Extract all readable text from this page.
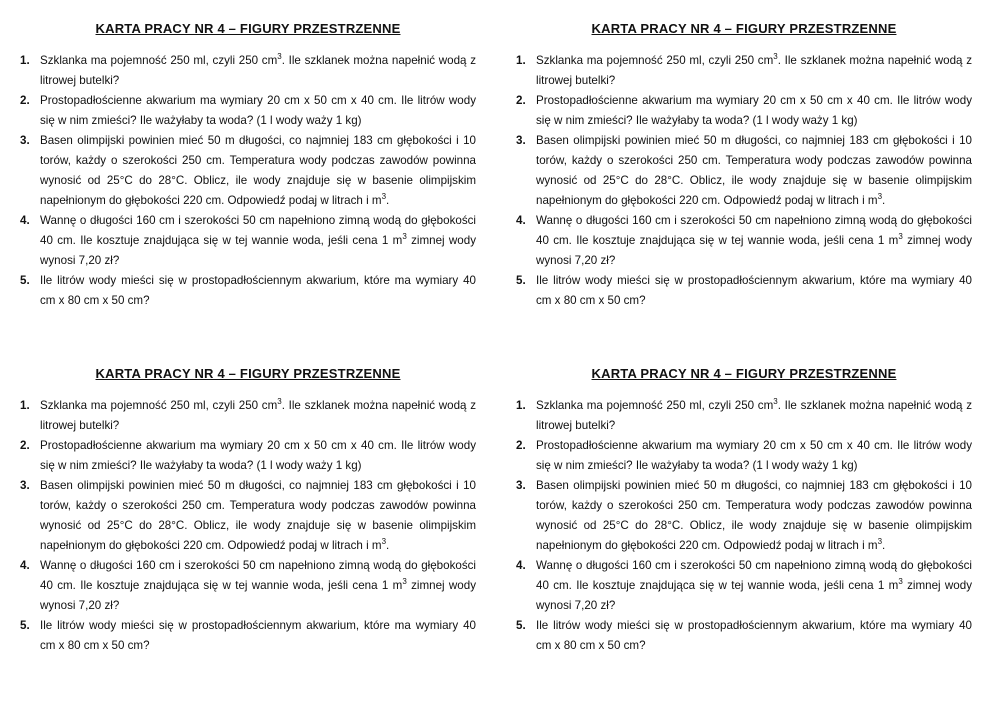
KARTA PRACY NR 4 – FIGURY PRZESTRZENNE
1. Szklanka ma pojemność 250 ml, czyli 250 $cm^3$. Ile szklanek można napełnić wodą z litrowej butelki?
2. Prostopadłościenne akwarium ma wymiary 20 cm x 50 cm x 40 cm. Ile litrów wody się w nim zmieści? Ile ważyłaby ta woda? (1 l wody waży 1 kg)
3. Basen olimpijski powinien mieć 50 m długości, co najmniej 183 cm głębokości i 10 torów, każdy o szerokości 250 cm. Temperatura wody podczas zawodów powinna wynosić od 25°C do 28°C. Oblicz, ile wody znajduje się w basenie olimpijskim napełnionym do głębokości 220 cm. Odpowiedź podaj w litrach i $m^3$.
4. Wannę o długości 160 cm i szerokości 50 cm napełniono zimną wodą do głębokości 40 cm. Ile kosztuje znajdująca się w tej wannie woda, jeśli cena 1 $m^3$ zimnej wody wynosi 7,20 zł?
5. Ile litrów wody mieści się w prostopadłościennym akwarium, które ma wymiary 40 cm x 80 cm x 50 cm?
KARTA PRACY NR 4 – FIGURY PRZESTRZENNE
1. Szklanka ma pojemność 250 ml, czyli 250 $cm^3$. Ile szklanek można napełnić wodą z litrowej butelki?
2. Prostopadłościenne akwarium ma wymiary 20 cm x 50 cm x 40 cm. Ile litrów wody się w nim zmieści? Ile ważyłaby ta woda? (1 l wody waży 1 kg)
3. Basen olimpijski powinien mieć 50 m długości, co najmniej 183 cm głębokości i 10 torów, każdy o szerokości 250 cm. Temperatura wody podczas zawodów powinna wynosić od 25°C do 28°C. Oblicz, ile wody znajduje się w basenie olimpijskim napełnionym do głębokości 220 cm. Odpowiedź podaj w litrach i $m^3$.
4. Wannę o długości 160 cm i szerokości 50 cm napełniono zimną wodą do głębokości 40 cm. Ile kosztuje znajdująca się w tej wannie woda, jeśli cena 1 $m^3$ zimnej wody wynosi 7,20 zł?
5. Ile litrów wody mieści się w prostopadłościennym akwarium, które ma wymiary 40 cm x 80 cm x 50 cm?
KARTA PRACY NR 4 – FIGURY PRZESTRZENNE
1. Szklanka ma pojemność 250 ml, czyli 250 $cm^3$. Ile szklanek można napełnić wodą z litrowej butelki?
2. Prostopadłościenne akwarium ma wymiary 20 cm x 50 cm x 40 cm. Ile litrów wody się w nim zmieści? Ile ważyłaby ta woda? (1 l wody waży 1 kg)
3. Basen olimpijski powinien mieć 50 m długości, co najmniej 183 cm głębokości i 10 torów, każdy o szerokości 250 cm. Temperatura wody podczas zawodów powinna wynosić od 25°C do 28°C. Oblicz, ile wody znajduje się w basenie olimpijskim napełnionym do głębokości 220 cm. Odpowiedź podaj w litrach i $m^3$.
4. Wannę o długości 160 cm i szerokości 50 cm napełniono zimną wodą do głębokości 40 cm. Ile kosztuje znajdująca się w tej wannie woda, jeśli cena 1 $m^3$ zimnej wody wynosi 7,20 zł?
5. Ile litrów wody mieści się w prostopadłościennym akwarium, które ma wymiary 40 cm x 80 cm x 50 cm?
KARTA PRACY NR 4 – FIGURY PRZESTRZENNE
1. Szklanka ma pojemność 250 ml, czyli 250 $cm^3$. Ile szklanek można napełnić wodą z litrowej butelki?
2. Prostopadłościenne akwarium ma wymiary 20 cm x 50 cm x 40 cm. Ile litrów wody się w nim zmieści? Ile ważyłaby ta woda? (1 l wody waży 1 kg)
3. Basen olimpijski powinien mieć 50 m długości, co najmniej 183 cm głębokości i 10 torów, każdy o szerokości 250 cm. Temperatura wody podczas zawodów powinna wynosić od 25°C do 28°C. Oblicz, ile wody znajduje się w basenie olimpijskim napełnionym do głębokości 220 cm. Odpowiedź podaj w litrach i $m^3$.
4. Wannę o długości 160 cm i szerokości 50 cm napełniono zimną wodą do głębokości 40 cm. Ile kosztuje znajdująca się w tej wannie woda, jeśli cena 1 $m^3$ zimnej wody wynosi 7,20 zł?
5. Ile litrów wody mieści się w prostopadłościennym akwarium, które ma wymiary 40 cm x 80 cm x 50 cm?
